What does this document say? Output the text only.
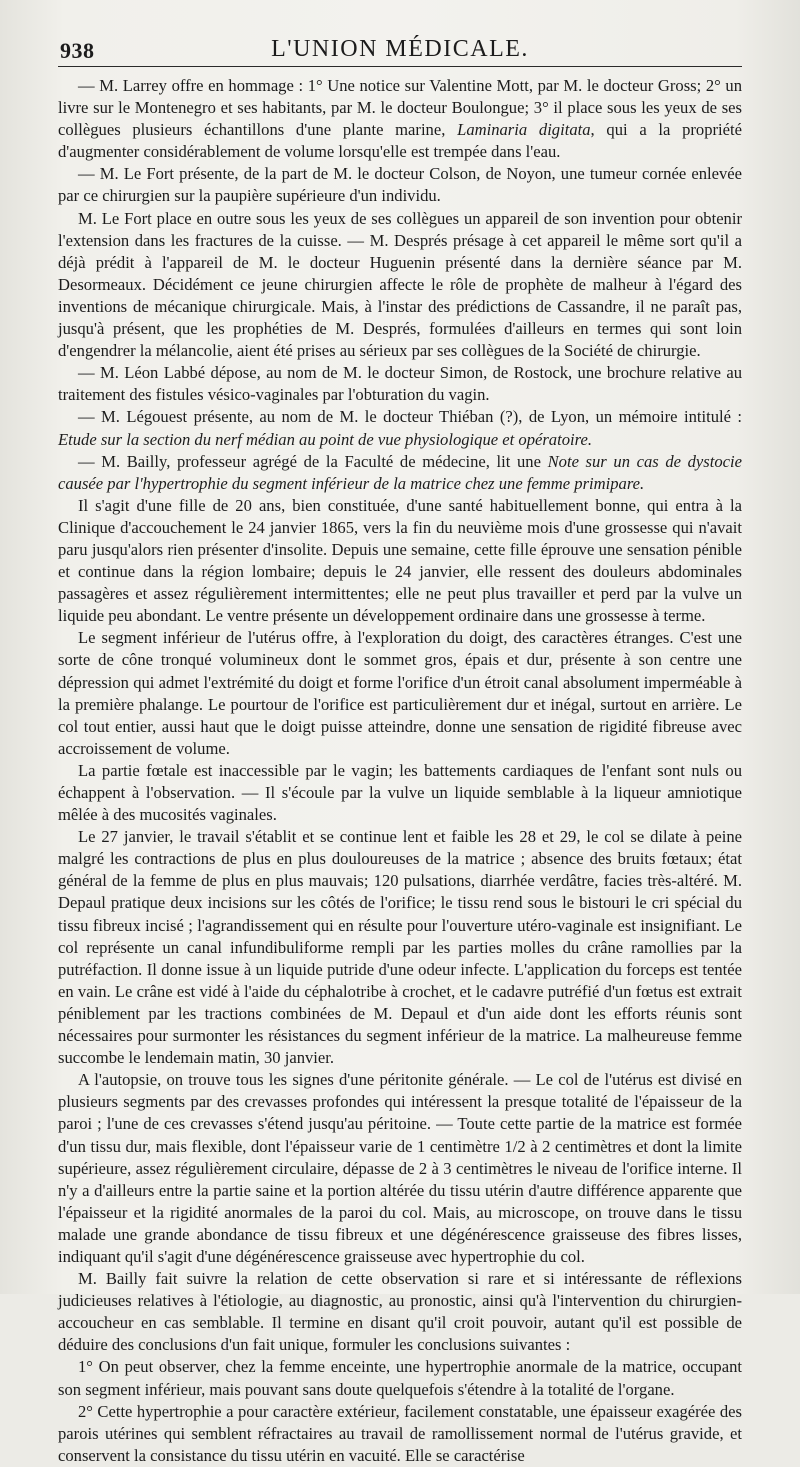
938	L'UNION MÉDICALE.

— M. Larrey offre en hommage : 1° Une notice sur Valentine Mott, par M. le docteur Gross; 2° un livre sur le Montenegro et ses habitants, par M. le docteur Boulongue; 3° il place sous les yeux de ses collègues plusieurs échantillons d'une plante marine, Laminaria digitata, qui a la propriété d'augmenter considérablement de volume lorsqu'elle est trempée dans l'eau.

— M. Le Fort présente, de la part de M. le docteur Colson, de Noyon, une tumeur cornée enlevée par ce chirurgien sur la paupière supérieure d'un individu.

M. Le Fort place en outre sous les yeux de ses collègues un appareil de son invention pour obtenir l'extension dans les fractures de la cuisse. — M. Després présage à cet appareil le même sort qu'il a déjà prédit à l'appareil de M. le docteur Huguenin présenté dans la dernière séance par M. Desormeaux. Décidément ce jeune chirurgien affecte le rôle de prophète de malheur à l'égard des inventions de mécanique chirurgicale. Mais, à l'instar des prédictions de Cassandre, il ne paraît pas, jusqu'à présent, que les prophéties de M. Després, formulées d'ailleurs en termes qui sont loin d'engendrer la mélancolie, aient été prises au sérieux par ses collègues de la Société de chirurgie.

— M. Léon Labbé dépose, au nom de M. le docteur Simon, de Rostock, une brochure relative au traitement des fistules vésico-vaginales par l'obturation du vagin.

— M. Légouest présente, au nom de M. le docteur Thiéban (?), de Lyon, un mémoire intitulé : Etude sur la section du nerf médian au point de vue physiologique et opératoire.

— M. Bailly, professeur agrégé de la Faculté de médecine, lit une Note sur un cas de dystocie causée par l'hypertrophie du segment inférieur de la matrice chez une femme primipare.

Il s'agit d'une fille de 20 ans, bien constituée, d'une santé habituellement bonne, qui entra à la Clinique d'accouchement le 24 janvier 1865, vers la fin du neuvième mois d'une grossesse qui n'avait paru jusqu'alors rien présenter d'insolite. Depuis une semaine, cette fille éprouve une sensation pénible et continue dans la région lombaire; depuis le 24 janvier, elle ressent des douleurs abdominales passagères et assez régulièrement intermittentes; elle ne peut plus travailler et perd par la vulve un liquide peu abondant. Le ventre présente un développement ordinaire dans une grossesse à terme.

Le segment inférieur de l'utérus offre, à l'exploration du doigt, des caractères étranges. C'est une sorte de cône tronqué volumineux dont le sommet gros, épais et dur, présente à son centre une dépression qui admet l'extrémité du doigt et forme l'orifice d'un étroit canal absolument imperméable à la première phalange. Le pourtour de l'orifice est particulièrement dur et inégal, surtout en arrière. Le col tout entier, aussi haut que le doigt puisse atteindre, donne une sensation de rigidité fibreuse avec accroissement de volume.

La partie fœtale est inaccessible par le vagin; les battements cardiaques de l'enfant sont nuls ou échappent à l'observation. — Il s'écoule par la vulve un liquide semblable à la liqueur amniotique mêlée à des mucosités vaginales.

Le 27 janvier, le travail s'établit et se continue lent et faible les 28 et 29, le col se dilate à peine malgré les contractions de plus en plus douloureuses de la matrice ; absence des bruits fœtaux; état général de la femme de plus en plus mauvais; 120 pulsations, diarrhée verdâtre, facies très-altéré. M. Depaul pratique deux incisions sur les côtés de l'orifice; le tissu rend sous le bistouri le cri spécial du tissu fibreux incisé ; l'agrandissement qui en résulte pour l'ouverture utéro-vaginale est insignifiant. Le col représente un canal infundibuliforme rempli par les parties molles du crâne ramollies par la putréfaction. Il donne issue à un liquide putride d'une odeur infecte. L'application du forceps est tentée en vain. Le crâne est vidé à l'aide du céphalotribe à crochet, et le cadavre putréfié d'un fœtus est extrait péniblement par les tractions combinées de M. Depaul et d'un aide dont les efforts réunis sont nécessaires pour surmonter les résistances du segment inférieur de la matrice. La malheureuse femme succombe le lendemain matin, 30 janvier.

A l'autopsie, on trouve tous les signes d'une péritonite générale. — Le col de l'utérus est divisé en plusieurs segments par des crevasses profondes qui intéressent la presque totalité de l'épaisseur de la paroi ; l'une de ces crevasses s'étend jusqu'au péritoine. — Toute cette partie de la matrice est formée d'un tissu dur, mais flexible, dont l'épaisseur varie de 1 centimètre 1/2 à 2 centimètres et dont la limite supérieure, assez régulièrement circulaire, dépasse de 2 à 3 centimètres le niveau de l'orifice interne. Il n'y a d'ailleurs entre la partie saine et la portion altérée du tissu utérin d'autre différence apparente que l'épaisseur et la rigidité anormales de la paroi du col. Mais, au microscope, on trouve dans le tissu malade une grande abondance de tissu fibreux et une dégénérescence graisseuse des fibres lisses, indiquant qu'il s'agit d'une dégénérescence graisseuse avec hypertrophie du col.

M. Bailly fait suivre la relation de cette observation si rare et si intéressante de réflexions judicieuses relatives à l'étiologie, au diagnostic, au pronostic, ainsi qu'à l'intervention du chirurgien-accoucheur en cas semblable. Il termine en disant qu'il croit pouvoir, autant qu'il est possible de déduire des conclusions d'un fait unique, formuler les conclusions suivantes :

1° On peut observer, chez la femme enceinte, une hypertrophie anormale de la matrice, occupant son segment inférieur, mais pouvant sans doute quelquefois s'étendre à la totalité de l'organe.

2° Cette hypertrophie a pour caractère extérieur, facilement constatable, une épaisseur exagérée des parois utérines qui semblent réfractaires au travail de ramollissement normal de l'utérus gravide, et conservent la consistance du tissu utérin en vacuité. Elle se caractérise
